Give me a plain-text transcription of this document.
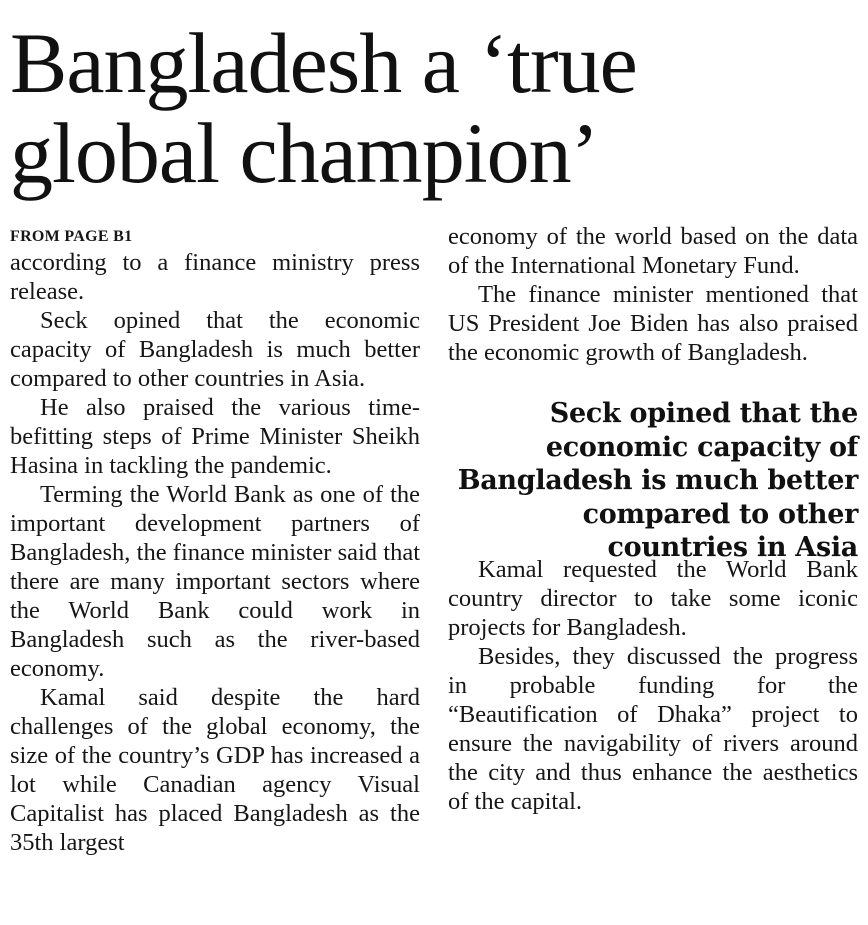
Bangladesh a ‘true
global champion’
FROM PAGE B1

according to a finance ministry press release.

Seck opined that the economic capacity of Bangladesh is much better compared to other countries in Asia.

He also praised the various time-befitting steps of Prime Minister Sheikh Hasina in tackling the pandemic.

Terming the World Bank as one of the important development partners of Bangladesh, the finance minister said that there are many important sectors where the World Bank could work in Bangladesh such as the river-based economy.

Kamal said despite the hard challenges of the global economy, the size of the country’s GDP has increased a lot while Canadian agency Visual Capitalist has placed Bangladesh as the 35th largest

economy of the world based on the data of the International Monetary Fund.

The finance minister mentioned that US President Joe Biden has also praised the economic growth of Bangladesh.

Seck opined that the economic capacity of Bangladesh is much better compared to other countries in Asia

Kamal requested the World Bank country director to take some iconic projects for Bangladesh.

Besides, they discussed the progress in probable funding for the “Beautification of Dhaka” project to ensure the navigability of rivers around the city and thus enhance the aesthetics of the capital.
